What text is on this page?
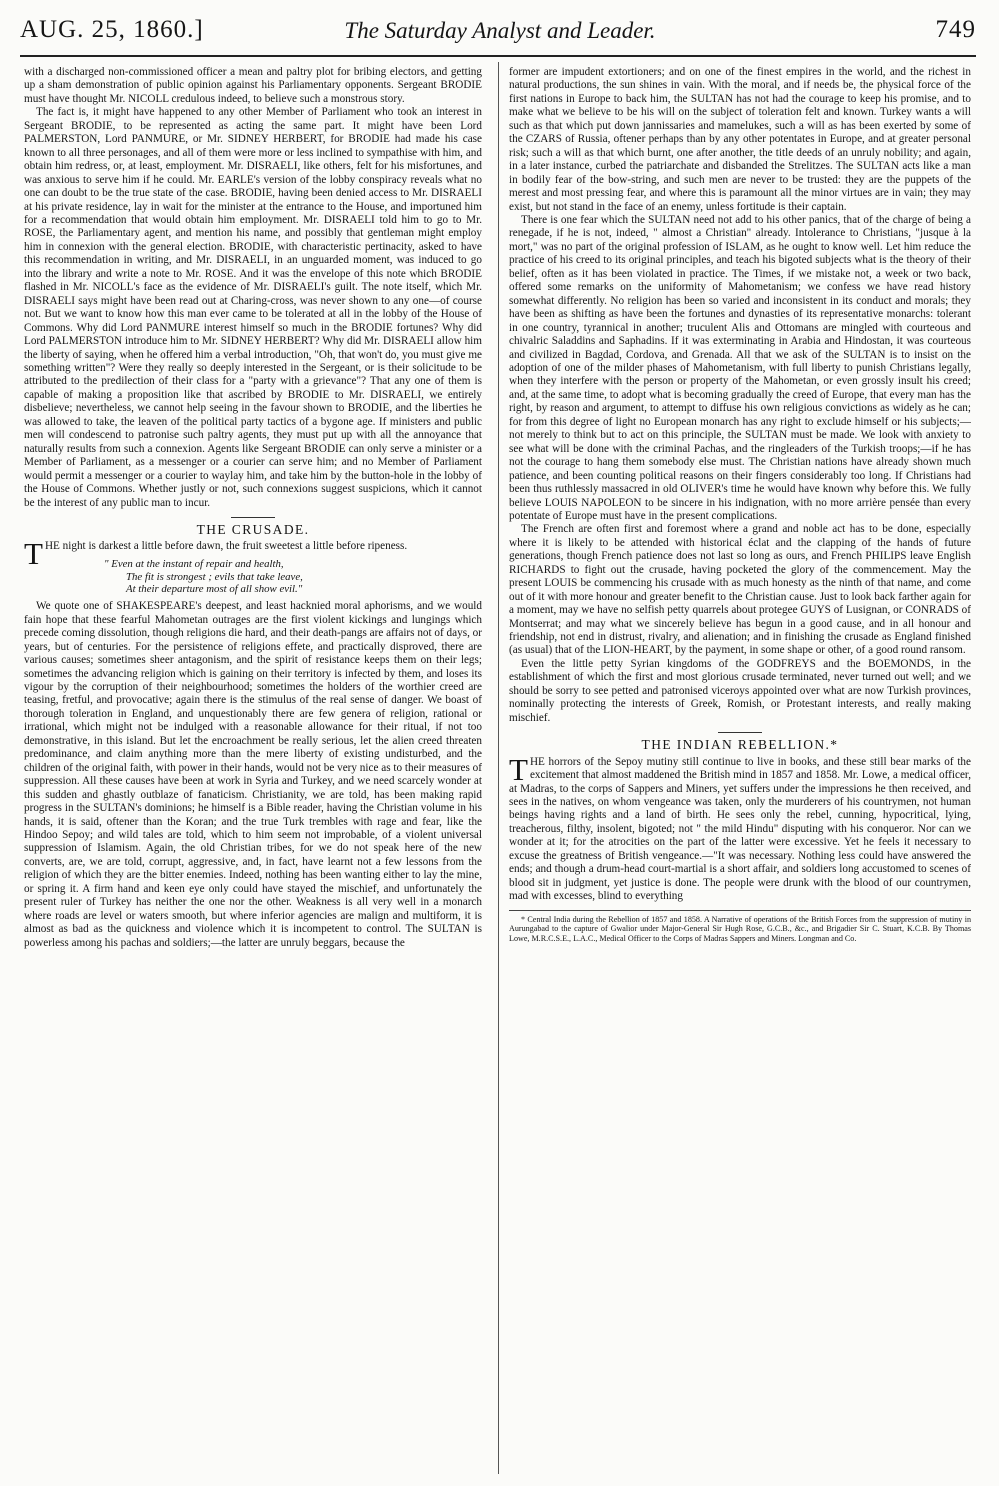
AUG. 25, 1860.]	The Saturday Analyst and Leader.	749

with a discharged non-commissioned officer a mean and paltry plot for bribing electors, and getting up a sham demonstration of public opinion against his Parliamentary opponents. Sergeant BRODIE must have thought Mr. NICOLL credulous indeed, to believe such a monstrous story.

The fact is, it might have happened to any other Member of Parliament who took an interest in Sergeant BRODIE, to be represented as acting the same part. It might have been Lord PALMERSTON, Lord PANMURE, or Mr. SIDNEY HERBERT, for BRODIE had made his case known to all three personages, and all of them were more or less inclined to sympathise with him, and obtain him redress, or, at least, employment. Mr. DISRAELI, like others, felt for his misfortunes, and was anxious to serve him if he could. Mr. EARLE's version of the lobby conspiracy reveals what no one can doubt to be the true state of the case. BRODIE, having been denied access to Mr. DISRAELI at his private residence, lay in wait for the minister at the entrance to the House, and importuned him for a recommendation that would obtain him employment. Mr. DISRAELI told him to go to Mr. ROSE, the Parliamentary agent, and mention his name, and possibly that gentleman might employ him in connexion with the general election. BRODIE, with characteristic pertinacity, asked to have this recommendation in writing, and Mr. DISRAELI, in an unguarded moment, was induced to go into the library and write a note to Mr. ROSE. And it was the envelope of this note which BRODIE flashed in Mr. NICOLL's face as the evidence of Mr. DISRAELI's guilt. The note itself, which Mr. DISRAELI says might have been read out at Charing-cross, was never shown to any one—of course not. But we want to know how this man ever came to be tolerated at all in the lobby of the House of Commons. Why did Lord PANMURE interest himself so much in the BRODIE fortunes? Why did Lord PALMERSTON introduce him to Mr. SIDNEY HERBERT? Why did Mr. DISRAELI allow him the liberty of saying, when he offered him a verbal introduction, "Oh, that won't do, you must give me something written"? Were they really so deeply interested in the Sergeant, or is their solicitude to be attributed to the predilection of their class for a "party with a grievance"? That any one of them is capable of making a proposition like that ascribed by BRODIE to Mr. DISRAELI, we entirely disbelieve; nevertheless, we cannot help seeing in the favour shown to BRODIE, and the liberties he was allowed to take, the leaven of the political party tactics of a bygone age. If ministers and public men will condescend to patronise such paltry agents, they must put up with all the annoyance that naturally results from such a connexion. Agents like Sergeant BRODIE can only serve a minister or a Member of Parliament, as a messenger or a courier can serve him; and no Member of Parliament would permit a messenger or a courier to waylay him, and take him by the button-hole in the lobby of the House of Commons. Whether justly or not, such connexions suggest suspicions, which it cannot be the interest of any public man to incur.

THE CRUSADE.

THE night is darkest a little before dawn, the fruit sweetest a little before ripeness.

" Even at the instant of repair and health,
The fit is strongest ; evils that take leave,
At their departure most of all show evil."

We quote one of SHAKESPEARE's deepest, and least hacknied moral aphorisms, and we would fain hope that these fearful Mahometan outrages are the first violent kickings and lungings which precede coming dissolution, though religions die hard, and their death-pangs are affairs not of days, or years, but of centuries. For the persistence of religions effete, and practically disproved, there are various causes; sometimes sheer antagonism, and the spirit of resistance keeps them on their legs; sometimes the advancing religion which is gaining on their territory is infected by them, and loses its vigour by the corruption of their neighbourhood; sometimes the holders of the worthier creed are teasing, fretful, and provocative; again there is the stimulus of the real sense of danger. We boast of thorough toleration in England, and unquestionably there are few genera of religion, rational or irrational, which might not be indulged with a reasonable allowance for their ritual, if not too demonstrative, in this island. But let the encroachment be really serious, let the alien creed threaten predominance, and claim anything more than the mere liberty of existing undisturbed, and the children of the original faith, with power in their hands, would not be very nice as to their measures of suppression. All these causes have been at work in Syria and Turkey, and we need scarcely wonder at this sudden and ghastly outblaze of fanaticism. Christianity, we are told, has been making rapid progress in the SULTAN's dominions; he himself is a Bible reader, having the Christian volume in his hands, it is said, oftener than the Koran; and the true Turk trembles with rage and fear, like the Hindoo Sepoy; and wild tales are told, which to him seem not improbable, of a violent universal suppression of Islamism. Again, the old Christian tribes, for we do not speak here of the new converts, are, we are told, corrupt, aggressive, and, in fact, have learnt not a few lessons from the religion of which they are the bitter enemies. Indeed, nothing has been wanting either to lay the mine, or spring it. A firm hand and keen eye only could have stayed the mischief, and unfortunately the present ruler of Turkey has neither the one nor the other. Weakness is all very well in a monarch where roads are level or waters smooth, but where inferior agencies are malign and multiform, it is almost as bad as the quickness and violence which it is incompetent to control. The SULTAN is powerless among his pachas and soldiers;—the latter are unruly beggars, because the

former are impudent extortioners; and on one of the finest empires in the world, and the richest in natural productions, the sun shines in vain. With the moral, and if needs be, the physical force of the first nations in Europe to back him, the SULTAN has not had the courage to keep his promise, and to make what we believe to be his will on the subject of toleration felt and known. Turkey wants a will such as that which put down jannissaries and mamelukes, such a will as has been exerted by some of the CZARS of Russia, oftener perhaps than by any other potentates in Europe, and at greater personal risk; such a will as that which burnt, one after another, the title deeds of an unruly nobility; and again, in a later instance, curbed the patriarchate and disbanded the Strelitzes. The SULTAN acts like a man in bodily fear of the bow-string, and such men are never to be trusted: they are the puppets of the merest and most pressing fear, and where this is paramount all the minor virtues are in vain; they may exist, but not stand in the face of an enemy, unless fortitude is their captain.

There is one fear which the SULTAN need not add to his other panics, that of the charge of being a renegade, if he is not, indeed, " almost a Christian" already. Intolerance to Christians, "jusque à la mort," was no part of the original profession of ISLAM, as he ought to know well. Let him reduce the practice of his creed to its original principles, and teach his bigoted subjects what is the theory of their belief, often as it has been violated in practice. The Times, if we mistake not, a week or two back, offered some remarks on the uniformity of Mahometanism; we confess we have read history somewhat differently. No religion has been so varied and inconsistent in its conduct and morals; they have been as shifting as have been the fortunes and dynasties of its representative monarchs: tolerant in one country, tyrannical in another; truculent Alis and Ottomans are mingled with courteous and chivalric Saladdins and Saphadins. If it was exterminating in Arabia and Hindostan, it was courteous and civilized in Bagdad, Cordova, and Grenada. All that we ask of the SULTAN is to insist on the adoption of one of the milder phases of Mahometanism, with full liberty to punish Christians legally, when they interfere with the person or property of the Mahometan, or even grossly insult his creed; and, at the same time, to adopt what is becoming gradually the creed of Europe, that every man has the right, by reason and argument, to attempt to diffuse his own religious convictions as widely as he can; for from this degree of light no European monarch has any right to exclude himself or his subjects;—not merely to think but to act on this principle, the SULTAN must be made. We look with anxiety to see what will be done with the criminal Pachas, and the ringleaders of the Turkish troops;—if he has not the courage to hang them somebody else must. The Christian nations have already shown much patience, and been counting political reasons on their fingers considerably too long. If Christians had been thus ruthlessly massacred in old OLIVER's time he would have known why before this. We fully believe LOUIS NAPOLEON to be sincere in his indignation, with no more arrière pensée than every potentate of Europe must have in the present complications.

The French are often first and foremost where a grand and noble act has to be done, especially where it is likely to be attended with historical éclat and the clapping of the hands of future generations, though French patience does not last so long as ours, and French PHILIPS leave English RICHARDS to fight out the crusade, having pocketed the glory of the commencement. May the present LOUIS be commencing his crusade with as much honesty as the ninth of that name, and come out of it with more honour and greater benefit to the Christian cause. Just to look back farther again for a moment, may we have no selfish petty quarrels about protegee GUYS of Lusignan, or CONRADS of Montserrat; and may what we sincerely believe has begun in a good cause, and in all honour and friendship, not end in distrust, rivalry, and alienation; and in finishing the crusade as England finished (as usual) that of the LION-HEART, by the payment, in some shape or other, of a good round ransom.

Even the little petty Syrian kingdoms of the GODFREYS and the BOEMONDS, in the establishment of which the first and most glorious crusade terminated, never turned out well; and we should be sorry to see petted and patronised viceroys appointed over what are now Turkish provinces, nominally protecting the interests of Greek, Romish, or Protestant interests, and really making mischief.

THE INDIAN REBELLION.*

THE horrors of the Sepoy mutiny still continue to live in books, and these still bear marks of the excitement that almost maddened the British mind in 1857 and 1858. Mr. Lowe, a medical officer, at Madras, to the corps of Sappers and Miners, yet suffers under the impressions he then received, and sees in the natives, on whom vengeance was taken, only the murderers of his countrymen, not human beings having rights and a land of birth. He sees only the rebel, cunning, hypocritical, lying, treacherous, filthy, insolent, bigoted; not " the mild Hindu" disputing with his conqueror. Nor can we wonder at it; for the atrocities on the part of the latter were excessive. Yet he feels it necessary to excuse the greatness of British vengeance.—"It was necessary. Nothing less could have answered the ends; and though a drum-head court-martial is a short affair, and soldiers long accustomed to scenes of blood sit in judgment, yet justice is done. The people were drunk with the blood of our countrymen, mad with excesses, blind to everything

* Central India during the Rebellion of 1857 and 1858. A Narrative of operations of the British Forces from the suppression of mutiny in Aurungabad to the capture of Gwalior under Major-General Sir Hugh Rose, G.C.B., &c., and Brigadier Sir C. Stuart, K.C.B. By Thomas Lowe, M.R.C.S.E., L.A.C., Medical Officer to the Corps of Madras Sappers and Miners. Longman and Co.
